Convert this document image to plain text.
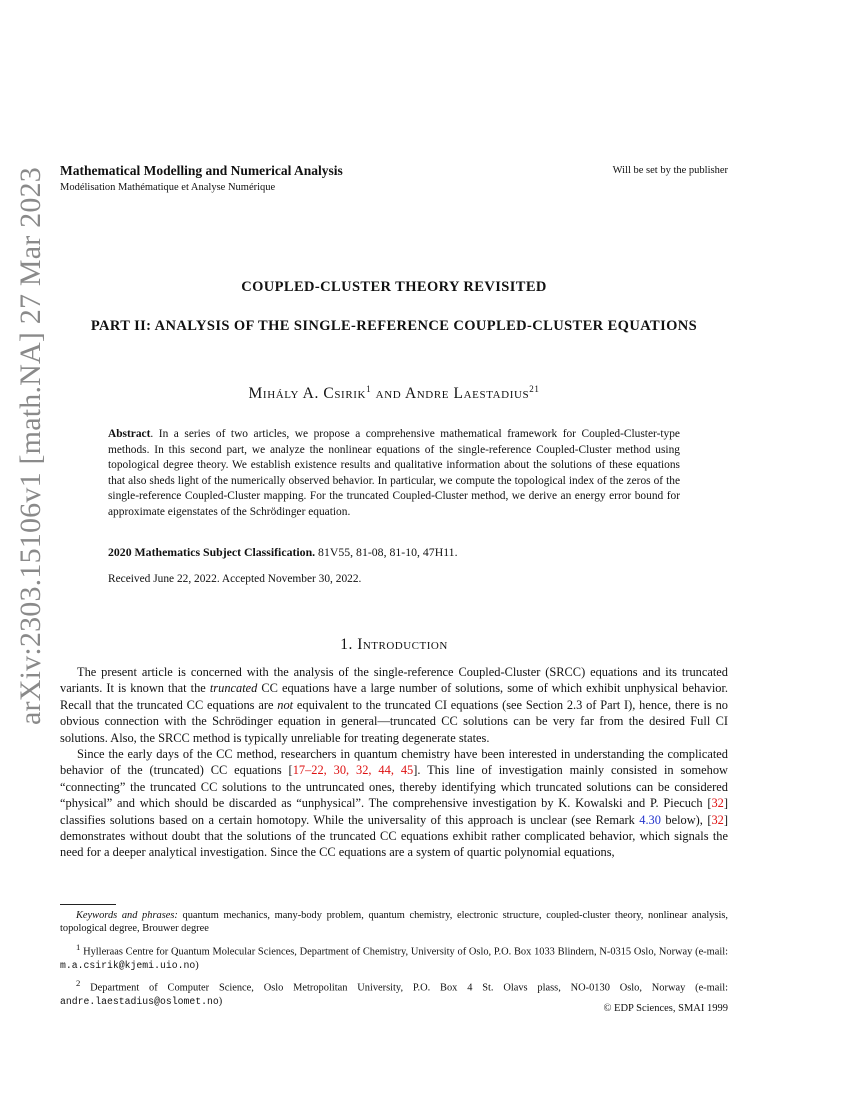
arXiv:2303.15106v1 [math.NA] 27 Mar 2023 Mathematical Modelling and Numerical Analysis
Modélisation Mathématique et Analyse Numérique
Will be set by the publisher
COUPLED-CLUSTER THEORY REVISITED
PART II: ANALYSIS OF THE SINGLE-REFERENCE COUPLED-CLUSTER EQUATIONS
Mihály A. Csirik$^1$ and Andre Laestadius$^{21}$
Abstract. In a series of two articles, we propose a comprehensive mathematical framework for Coupled-Cluster-type methods. In this second part, we analyze the nonlinear equations of the single-reference Coupled-Cluster method using topological degree theory. We establish existence results and qualitative information about the solutions of these equations that also sheds light of the numerically observed behavior. In particular, we compute the topological index of the zeros of the single-reference Coupled-Cluster mapping. For the truncated Coupled-Cluster method, we derive an energy error bound for approximate eigenstates of the Schrödinger equation.
2020 Mathematics Subject Classification. 81V55, 81-08, 81-10, 47H11.
Received June 22, 2022. Accepted November 30, 2022.
1. Introduction

The present article is concerned with the analysis of the single-reference Coupled-Cluster (SRCC) equations and its truncated variants. It is known that the truncated CC equations have a large number of solutions, some of which exhibit unphysical behavior. Recall that the truncated CC equations are not equivalent to the truncated CI equations (see Section 2.3 of Part I), hence, there is no obvious connection with the Schrödinger equation in general—truncated CC solutions can be very far from the desired Full CI solutions. Also, the SRCC method is typically unreliable for treating degenerate states.

Since the early days of the CC method, researchers in quantum chemistry have been interested in understanding the complicated behavior of the (truncated) CC equations [17–22, 30, 32, 44, 45]. This line of investigation mainly consisted in somehow “connecting” the truncated CC solutions to the untruncated ones, thereby identifying which truncated solutions can be considered “physical” and which should be discarded as “unphysical”. The comprehensive investigation by K. Kowalski and P. Piecuch [32] classifies solutions based on a certain homotopy. While the universality of this approach is unclear (see Remark 4.30 below), [32] demonstrates without doubt that the solutions of the truncated CC equations exhibit rather complicated behavior, which signals the need for a deeper analytical investigation. Since the CC equations are a system of quartic polynomial equations,

Keywords and phrases: quantum mechanics, many-body problem, quantum chemistry, electronic structure, coupled-cluster theory, nonlinear analysis, topological degree, Brouwer degree

$^1$ Hylleraas Centre for Quantum Molecular Sciences, Department of Chemistry, University of Oslo, P.O. Box 1033 Blindern, N-0315 Oslo, Norway (e-mail: m.a.csirik@kjemi.uio.no)

$^2$ Department of Computer Science, Oslo Metropolitan University, P.O. Box 4 St. Olavs plass, NO-0130 Oslo, Norway (e-mail: andre.laestadius@oslomet.no)

© EDP Sciences, SMAI 1999
